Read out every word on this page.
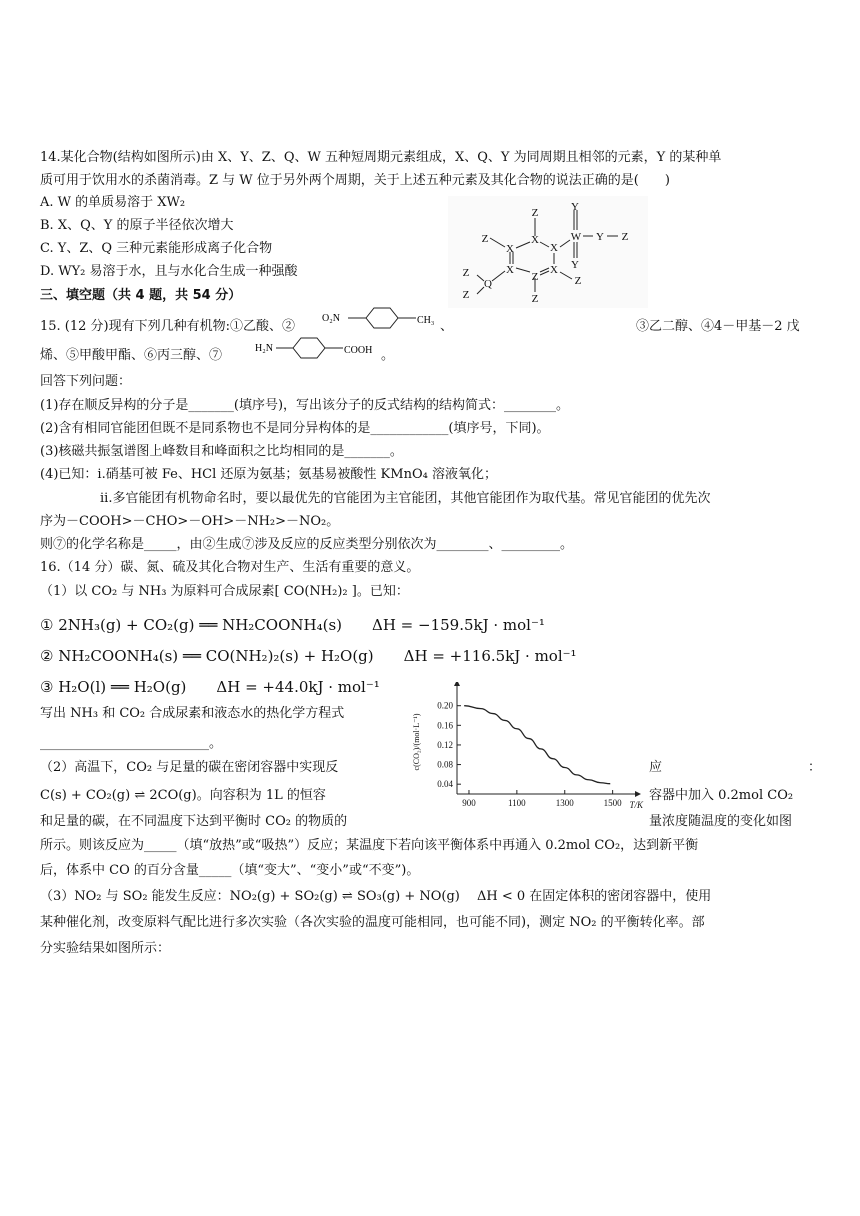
14.某化合物(结构如图所示)由 X、Y、Z、Q、W 五种短周期元素组成，X、Q、Y 为同周期且相邻的元素，Y 的某种单
质可用于饮用水的杀菌消毒。Z 与 W 位于另外两个周期，关于上述五种元素及其化合物的说法正确的是(　　)
A. W 的单质易溶于 XW₂
B. X、Q、Y 的原子半径依次增大
C. Y、Z、Q 三种元素能形成离子化合物
D. WY₂ 易溶于水，且与水化合生成一种强酸
Z	Y
Z
X
X	W Y Z
X
Y
X	X
Z	Z
Q
Z
Z
Z
三、填空题（共 4 题，共 54 分）
15. (12 分)现有下列几种有机物:①乙酸、②
O₂N	CH₃ 、	③乙二醇、④4－甲基－2 戊
烯、⑤甲酸甲酯、⑥丙三醇、⑦	H₂N	COOH 。
回答下列问题：
(1)存在顺反异构的分子是_______(填序号)，写出该分子的反式结构的结构简式：________。
(2)含有相同官能团但既不是同系物也不是同分异构体的是____________(填序号，下同)。
(3)核磁共振氢谱图上峰数目和峰面积之比均相同的是_______。
(4)已知：i.硝基可被 Fe、HCl 还原为氨基；氨基易被酸性 KMnO₄ 溶液氧化；
ii.多官能团有机物命名时，要以最优先的官能团为主官能团，其他官能团作为取代基。常见官能团的优先次
序为－COOH>－CHO>－OH>－NH₂>－NO₂。
则⑦的化学名称是_____，由②生成⑦涉及反应的反应类型分别依次为________、_________。
16.（14 分）碳、氮、硫及其化合物对生产、生活有重要的意义。
（1）以 CO₂ 与 NH₃ 为原料可合成尿素[ CO(NH₂)₂ ]。已知：
① 2NH₃(g) + CO₂(g) ══ NH₂COONH₄(s)　　ΔH = −159.5kJ · mol⁻¹
② NH₂COONH₄(s) ══ CO(NH₂)₂(s) + H₂O(g)　　ΔH = +116.5kJ · mol⁻¹
③ H₂O(l) ══ H₂O(g)　　ΔH = +44.0kJ · mol⁻¹
写出 NH₃ 和 CO₂ 合成尿素和液态水的热化学方程式
__________________________。
（2）高温下，CO₂ 与足量的碳在密闭容器中实现反	应	：
C(s) + CO₂(g) ⇌ 2CO(g)。向容积为 1L 的恒容	容器中加入 0.2mol CO₂
和足量的碳，在不同温度下达到平衡时 CO₂ 的物质的	量浓度随温度的变化如图
所示。则该反应为_____（填“放热”或“吸热”）反应；某温度下若向该平衡体系中再通入 0.2mol CO₂，达到新平衡
后，体系中 CO 的百分含量_____（填“变大”、“变小”或“不变”)。
（3）NO₂ 与 SO₂ 能发生反应：NO₂(g) + SO₂(g) ⇌ SO₃(g) + NO(g)　 ΔH < 0 在固定体积的密闭容器中，使用
某种催化剂，改变原料气配比进行多次实验（各次实验的温度可能相同，也可能不同)，测定 NO₂ 的平衡转化率。部
分实验结果如图所示：
0.04
0.08
0.12
0.16
0.20
900	1100	1300	1500 T/K
c(CO₂)/(mol·L⁻¹)
